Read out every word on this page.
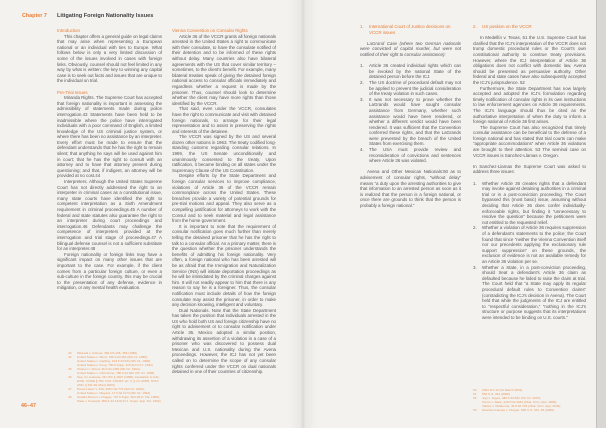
Chapter 7	Litigating Foreign Nationality Issues

Introduction

This chapter offers a general guide on legal claims that may arise when representing a European national or an individual with ties to Europe. What follows below is only a very limited discussion of some of the issues involved in cases with foreign links. Obviously, counsel should not feel limited in any way by what is written: the key to winning any capital case is to seek out facts and issues that are unique to the individual on trial.

Pre-Trial Issues

Miranda Rights. The Supreme Court has accepted that foreign nationality is important in assessing the admissibility of statements made during police interrogation.43 Statements have been held to be inadmissible where the police have interrogated individuals with a poor command of English, a limited knowledge of the US criminal justice system, or where there has been no assistance by an interpreter. Every effort must be made to ensure that the defendant understands that he has the right to remain silent; that anything he says will be used against him in court; that he has the right to consult with an attorney and to have that attorney present during questioning; and that, if indigent, an attorney will be provided at no cost.44

Interpreters. Although the United States Supreme Court has not directly addressed the right to an interpreter in criminal cases as a constitutional issue, many state courts have identified the right to competent interpretation as a Sixth Amendment requirement in criminal proceedings.45 A number of federal and state statutes also guarantee the right to an interpreter during court proceedings and interrogation.46 Defendants may challenge the competence of interpreters provided at the interrogation and trial stage of proceedings.47 A bilingual defense counsel is not a sufficient substitute for an interpreter.48

Foreign nationality or foreign links may have a significant impact on many other issues that are important to the case. For example, if the client comes from a particular foreign culture, or even a sub-culture in the foreign country, this may be crucial to the presentation of any defense, evidence in mitigation, or any mental health evaluation.

Vienna Convention on Consular Rights

Article 36 of the VCCR grants all foreign nationals arrested in the United States a right to communicate with their consulate, to have the consulate notified of their detention and to be informed of these rights without delay. Many countries also have bilateral agreements with the US that cover similar territory – sometimes, to the client’s benefit. For example, many bilateral treaties speak of giving the detained foreign national access to consular officials immediately and regardless whether a request is made by the prisoner. Thus, counsel should look to determine whether the client may have more rights than those identified by the VCCR.

That said, even under the VCCR, consulates have the right to communicate and visit with detained foreign nationals, to arrange for their legal representation and to assist in preserving the rights and interests of the detainee.

The VCCR was signed by the US and several dozen other nations in 1963. The treaty codified long-standing customs regarding consular relations. In 1969, the US Senate unconditionally and unanimously consented to the treaty. Upon ratification, it became binding on all states under the Supremacy Clause of the US Constitution.

Despite efforts by the State Department and foreign consular services to improve compliance, violations of Article 36 of the VCCR remain commonplace across the United States. These breaches provide a variety of potential grounds for pre-trial motions and appeal. They also serve as a compelling justification for attorneys to work with the Consul and to seek material and legal assistance from the home government.

It is important to note that the requirement of consular notification goes much further than merely telling the detained prisoner that he has the right to talk to a consular official. As a primary matter, there is the question whether the prisoner understands the benefits of admitting his foreign nationality. Very often, a foreign national who has been arrested will be as afraid that the Immigration and Naturalization Service (INS) will initiate deportation proceedings as he will be intimidated by the criminal charges against him. It will not readily appear to him that there is any reason to say he is a foreigner. Thus, the consular notification must include details of how the foreign consulate may assist the prisoner, in order to make any decision knowing, intelligent and voluntary.

Dual Nationals. Note that the State Department has taken the position that individuals arrested in the US who hold both US and foreign citizenship have no right to advisement or to consular notification under Article 36. Mexico adopted a similar position, withdrawing its assertion of a violation in a case of a prisoner who was discovered to possess dual Mexican and U.S. nationality during the Avena proceedings. However, the ICJ has not yet been called on to determine the scope of any consular rights conferred under the VCCR on dual nationals detained in one of their countries of citizenship.

1.	International Court of Justice decisions on VCCR issues

LaGrand Case (where two German nationals were convicted of capital murder, but were not notified of their right to consular assistance):

1.	Article 36 created individual rights which can be invoked by the national State of the detained person before the ICJ.
2.	The US doctrine of procedural default may not be applied to prevent the judicial consideration of the treaty violation in such cases.
3.	It was not necessary to prove whether the LaGrands would have sought consular assistance from Germany, whether such assistance would have been rendered, or whether a different verdict would have been rendered. It was sufficient that the Convention conferred these rights, and that the LaGrands were prevented by the breach of the United States from exercising them.
4.	The USA must provide review and reconsideration of convictions and sentences where Article 36 was violated.

Avena and Other Mexican Nationals:50 as to advisement of consular rights, “without delay” means “a duty upon the arresting authorities to give that information to an arrested person as soon as it is realized that the person is a foreign national, or once there are grounds to think that the person is probably a foreign national.”

2.	US position on the VCCR

In Medellín v. Texas, 51 the U.S. Supreme Court has clarified that the ICJ’s interpretation of the VCCR does not trump domestic procedural rules or the Court’s own constitutional authority to construe treaty provisions. However, where the ICJ interpretation of Article 36 obligations does not conflict with domestic law, Avena should be presented as persuasive authority. Other federal and state cases have also subsequently accepted the ICJ’s jurisprudence. 52

Furthermore, the State Department has now largely accepted and adopted the ICJ’s formulation regarding timely notification of consular rights in its own instructions to law enforcement agencies on Article 36 requirements. The ICJ’s language should thus be cited as the authoritative interpretation of when the duty to inform a foreign national of Article 36 first arises.

The Supreme Court has also recognized that timely consular assistance can be beneficial to the defense of a foreign national and has stated that trial courts can make “appropriate accommodations” when Article 36 violations are brought to their attention. 53 The seminal case on VCCR issues is Sanchez-Llamas v. Oregon.

In Sanchez-Llamas the Supreme Court was asked to address three issues:

1.	Whether Article 36 creates rights that a defendant may invoke against detaining authorities in a criminal trial or in a post-conviction proceeding. The Court bypassed this (most basic) issue, assuming without deciding that Article 36 does confer individually-enforceable rights, but finding it “unnecessary to resolve the question” because the petitioners were not entitled to the requested relief.
2.	Whether a violation of Article 36 requires suppression of a defendant’s statements to the police; the Court found that since “neither the Vienna Convention itself nor our precedents applying the exclusionary rule support suppression” on these grounds, the exclusion of evidence is not an available remedy for an Article 36 violation per se.
3.	Whether a State, in a post-conviction proceeding, should treat a defendant’s Article 36 claim as defaulted because he failed to raise the claim at trial. The Court held that “a State may apply its regular procedural default rules to Convention claims” (contradicting the ICJ’s decision in Avena). The Court held that while the judgments of the ICJ are entitled to “respectful consideration,” “nothing in the ICJ’s structure or purpose suggests that its interpretations were intended to be binding on U.S. courts.”
43	Miranda v. Arizona, 384 US 436, 469 (1966)
44	United States v. Short, 790 F.2d 464 (6th Cir. 1986);
United States v. Garibay, 143 F.3d 534 (9th Cir. 1998);
United States v. Fung, 780 F.Supp. 115 (E.D.N.Y. 1992)
45	Chacon v. Wood, 36 F.3d 1459 (9th Cir. 1994);
United States v. Cirrincione, 780 F.2d 620 (7th Cir. 1985)
46	See, for example, 28 USC § 1827 (1988); translation in CAL.
EVID. CODE § 752; N.M. CONST. art. II, § 14; MINN. STAT.
ANN. § 611.30 (West 2003)
47	Perez-Lastor v. INS, 208 F.3d 773 (9th Cir. 2000);
United States v. Mayans, 17 F.3d 1174 (9th Cir. 1994)
48	Giraldo-Rincon v. Dugger, 707 F.Supp. 504 (M.D. Fla. 1989);
State v. Kounelis, 609 A.2d 1310 (N.J. Super. App. Div. 1992)
50	2004 ICJ 12 (31 March 2004)
51	552 U.S. 491 (2008)
52	Jogi v. Voges, 480 F.3d 822 (7th Cir. 2007);
Torres v. State, 120 P.3d 1184 (Okla. Crim. App. 2005);
Valdez v. Oklahoma, 46 P.3d 703 (Okla. Crim. App. 2002)
53	Sanchez-Llamas v. Oregon, 548 U.S. 331, 65 (2006)
46–47
